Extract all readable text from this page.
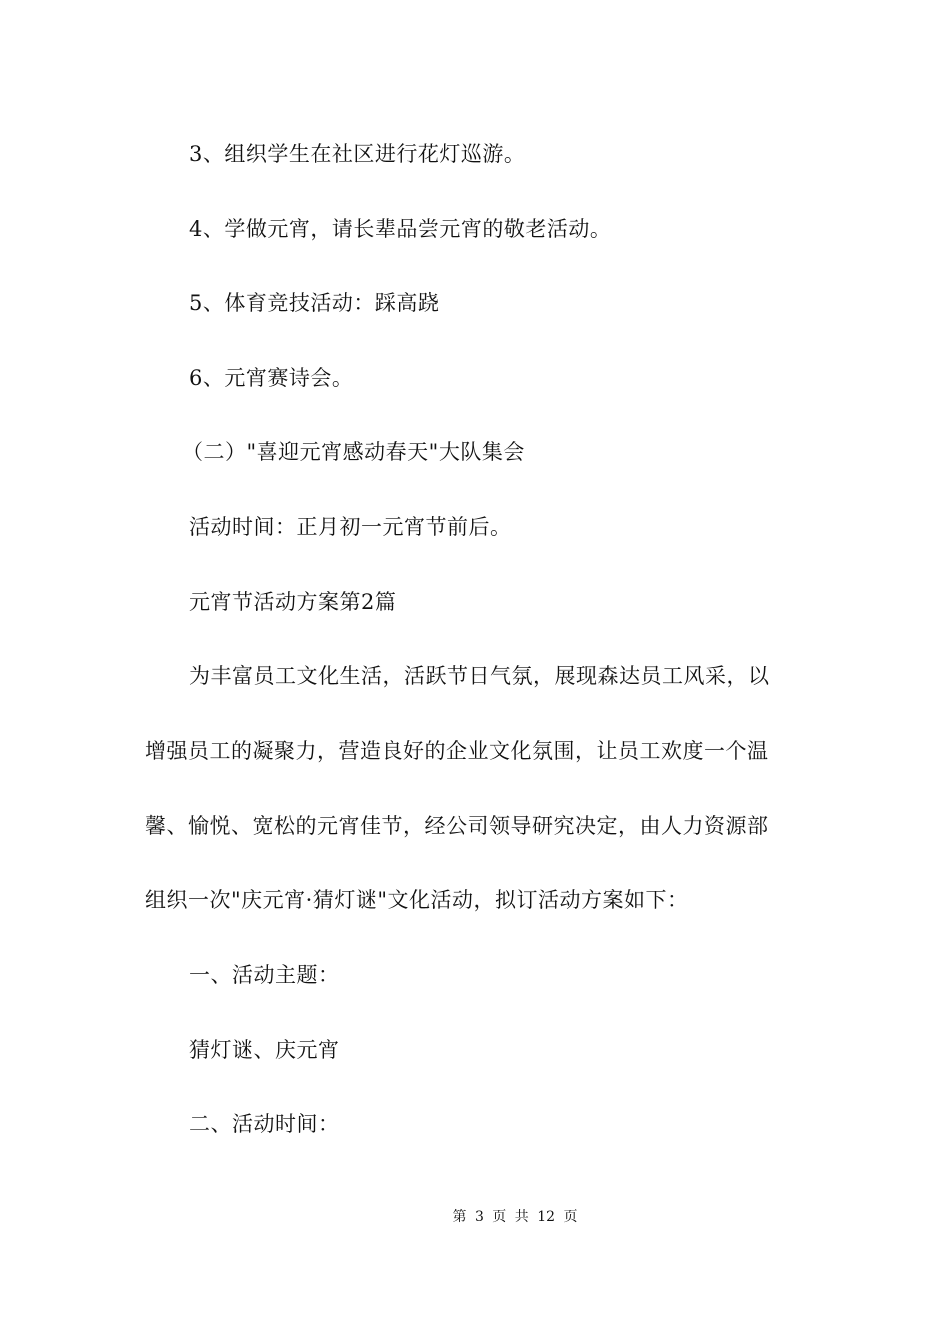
3、组织学生在社区进行花灯巡游。
4、学做元宵，请长辈品尝元宵的敬老活动。
5、体育竞技活动：踩高跷
6、元宵赛诗会。
（二）"喜迎元宵感动春天"大队集会
活动时间：正月初一元宵节前后。
元宵节活动方案第2篇
为丰富员工文化生活，活跃节日气氛，展现森达员工风采，以
增强员工的凝聚力，营造良好的企业文化氛围，让员工欢度一个温
馨、愉悦、宽松的元宵佳节，经公司领导研究决定，由人力资源部
组织一次"庆元宵·猜灯谜"文化活动，拟订活动方案如下：
一、活动主题：
猜灯谜、庆元宵
二、活动时间：
第 3 页 共 12 页
